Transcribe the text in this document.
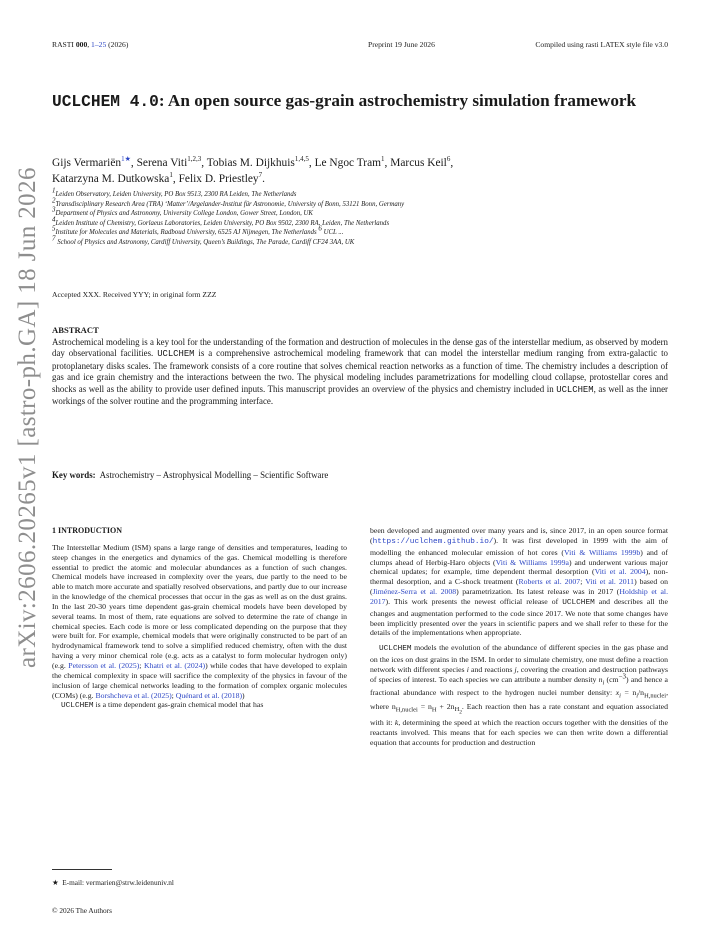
RASTI 000, 1–25 (2026)	Preprint 19 June 2026	Compiled using rasti LATEX style file v3.0
arXiv:2606.20265v1 [astro-ph.GA] 18 Jun 2026
UCLCHEM 4.0: An open source gas-grain astrochemistry simulation framework
Gijs Vermariën$^{1★}$, Serena Viti$^{1,2,3}$, Tobias M. Dijkhuis$^{1,4,5}$, Le Ngoc Tram$^1$, Marcus Keil$^6$,
Katarzyna M. Dutkowska$^1$, Felix D. Priestley$^7$.
$^1$Leiden Observatory, Leiden University, PO Box 9513, 2300 RA Leiden, The Netherlands
$^2$Transdisciplinary Research Area (TRA) ‘Matter’/Argelander-Institut für Astronomie, University of Bonn, 53121 Bonn, Germany
$^3$Department of Physics and Astronomy, University College London, Gower Street, London, UK
$^4$Leiden Institute of Chemistry, Gorlaeus Laboratories, Leiden University, PO Box 9502, 2300 RA, Leiden, The Netherlands
$^5$Institute for Molecules and Materials, Radboud University, 6525 AJ Nijmegen, The Netherlands $^6$ UCL ...
$^7$ School of Physics and Astronomy, Cardiff University, Queen’s Buildings, The Parade, Cardiff CF24 3AA, UK
Accepted XXX. Received YYY; in original form ZZZ
ABSTRACT
Astrochemical modeling is a key tool for the understanding of the formation and destruction of molecules in the dense gas of the interstellar medium, as observed by modern day observational facilities. UCLCHEM is a comprehensive astrochemical modeling framework that can model the interstellar medium ranging from extra-galactic to protoplanetary disks scales. The framework consists of a core routine that solves chemical reaction networks as a function of time. The chemistry includes a description of gas and ice grain chemistry and the interactions between the two. The physical modeling includes parametrizations for modelling cloud collapse, protostellar cores and shocks as well as the ability to provide user defined inputs. This manuscript provides an overview of the physics and chemistry included in UCLCHEM, as well as the inner workings of the solver routine and the programming interface.
Key words: Astrochemistry – Astrophysical Modelling – Scientific Software
1 INTRODUCTION

The Interstellar Medium (ISM) spans a large range of densities and temperatures, leading to steep changes in the energetics and dynamics of the gas. Chemical modelling is therefore essential to predict the atomic and molecular abundances as a function of such changes. Chemical models have increased in complexity over the years, due partly to the need to be able to match more accurate and spatially resolved observations, and partly due to our increase in the knowledge of the chemical processes that occur in the gas as well as on the dust grains. In the last 20-30 years time dependent gas-grain chemical models have been developed by several teams. In most of them, rate equations are solved to determine the rate of change in chemical species. Each code is more or less complicated depending on the purpose that they were built for. For example, chemical models that were originally constructed to be part of an hydrodynamical framework tend to solve a simplified reduced chemistry, often with the dust having a very minor chemical role (e.g. acts as a catalyst to form molecular hydrogen only) (e.g. Petersson et al. (2025); Khatri et al. (2024)) while codes that have developed to explain the chemical complexity in space will sacrifice the complexity of the physics in favour of the inclusion of large chemical networks leading to the formation of complex organic molecules (COMs) (e.g. Borshcheva et al. (2025); Quénard et al. (2018))

UCLCHEM is a time dependent gas-grain chemical model that has

been developed and augmented over many years and is, since 2017, in an open source format (https://uclchem.github.io/). It was first developed in 1999 with the aim of modelling the enhanced molecular emission of hot cores (Viti & Williams 1999b) and of clumps ahead of Herbig-Haro objects (Viti & Williams 1999a) and underwent various major chemical updates; for example, time dependent thermal desorption (Viti et al. 2004), non-thermal desorption, and a C-shock treatment (Roberts et al. 2007; Viti et al. 2011) based on (Jiménez-Serra et al. 2008) parametrization. Its latest release was in 2017 (Holdship et al. 2017). This work presents the newest official release of UCLCHEM and describes all the changes and augmentation performed to the code since 2017. We note that some changes have been implicitly presented over the years in scientific papers and we shall refer to these for the details of the implementations when appropriate.

UCLCHEM models the evolution of the abundance of different species in the gas phase and on the ices on dust grains in the ISM. In order to simulate chemistry, one must define a reaction network with different species i and reactions j, covering the creation and destruction pathways of species of interest. To each species we can attribute a number density $n_i$ $(cm^{-3})$ and hence a fractional abundance with respect to the hydrogen nuclei number density: $x_i = n_i/n_{H,nuclei}$, where $n_{H,nuclei} = n_H + 2n_{H_2}$. Each reaction then has a rate constant and equation associated with it: k, determining the speed at which the reaction occurs together with the densities of the reactants involved. This means that for each species we can then write down a differential equation that accounts for production and destruction

★  E-mail: vermarien@strw.leidenuniv.nl
© 2026 The Authors
